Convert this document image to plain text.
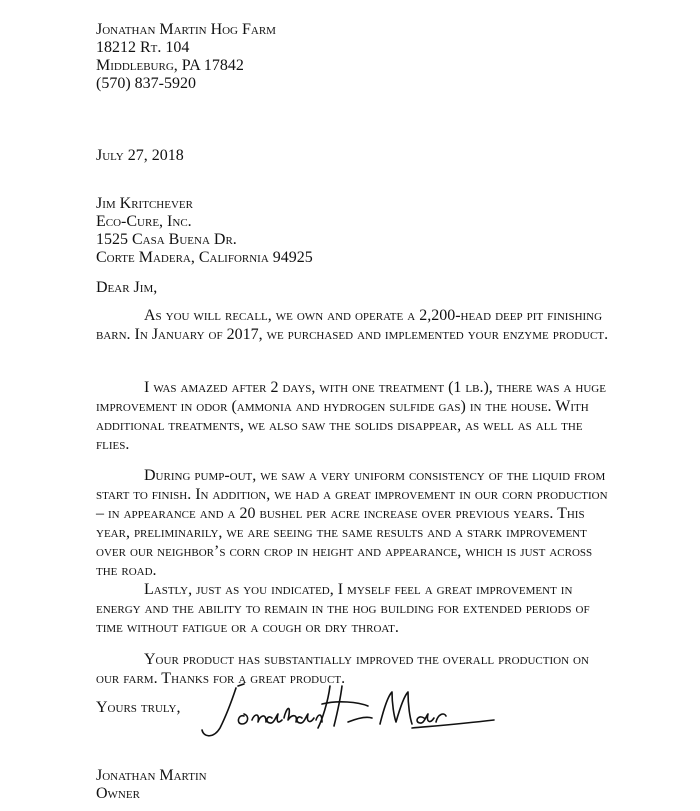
Jonathan Martin Hog Farm
18212 Rt. 104
Middleburg, PA 17842
(570) 837-5920
July 27, 2018
Jim Kritchever
Eco-Cure, Inc.
1525 Casa Buena Dr.
Corte Madera, California 94925
Dear Jim,
As you will recall, we own and operate a 2,200-head deep pit finishing barn. In January of 2017, we purchased and implemented your enzyme product.
I was amazed after 2 days, with one treatment (1 lb.), there was a huge improvement in odor (ammonia and hydrogen sulfide gas) in the house. With additional treatments, we also saw the solids disappear, as well as all the flies.
During pump-out, we saw a very uniform consistency of the liquid from start to finish. In addition, we had a great improvement in our corn production – in appearance and a 20 bushel per acre increase over previous years. This year, preliminarily, we are seeing the same results and a stark improvement over our neighbor’s corn crop in height and appearance, which is just across the road.
Lastly, just as you indicated, I myself feel a great improvement in energy and the ability to remain in the hog building for extended periods of time without fatigue or a cough or dry throat.
Your product has substantially improved the overall production on our farm. Thanks for a great product.
Yours truly,
Jonathan Martin
Owner
